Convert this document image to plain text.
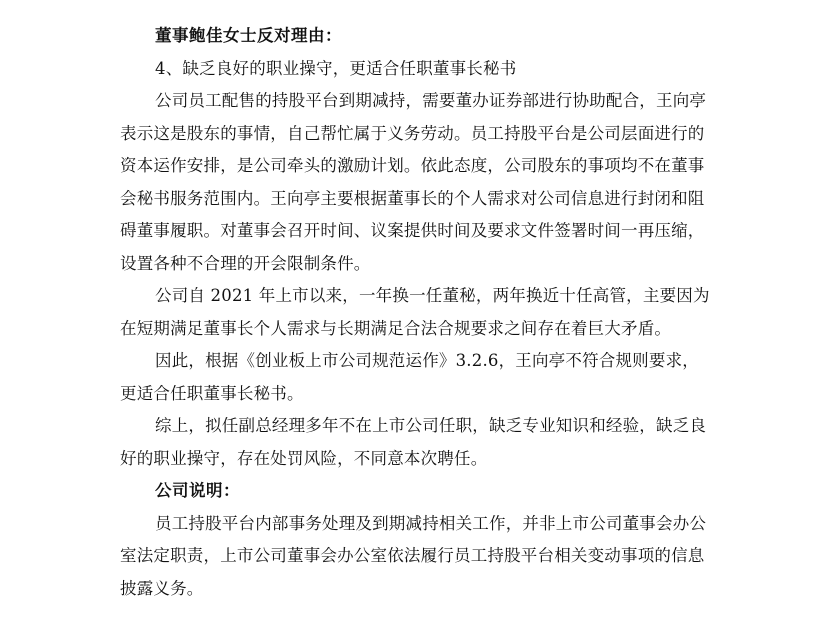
董事鲍佳女士反对理由：
4、缺乏良好的职业操守，更适合任职董事长秘书
公司员工配售的持股平台到期减持，需要董办证券部进行协助配合，王向亭
表示这是股东的事情，自己帮忙属于义务劳动。员工持股平台是公司层面进行的
资本运作安排，是公司牵头的激励计划。依此态度，公司股东的事项均不在董事
会秘书服务范围内。王向亭主要根据董事长的个人需求对公司信息进行封闭和阻
碍董事履职。对董事会召开时间、议案提供时间及要求文件签署时间一再压缩，
设置各种不合理的开会限制条件。
公司自 2021 年上市以来，一年换一任董秘，两年换近十任高管，主要因为
在短期满足董事长个人需求与长期满足合法合规要求之间存在着巨大矛盾。
因此，根据《创业板上市公司规范运作》3.2.6，王向亭不符合规则要求，
更适合任职董事长秘书。
综上，拟任副总经理多年不在上市公司任职，缺乏专业知识和经验，缺乏良
好的职业操守，存在处罚风险，不同意本次聘任。
公司说明：
员工持股平台内部事务处理及到期减持相关工作，并非上市公司董事会办公
室法定职责，上市公司董事会办公室依法履行员工持股平台相关变动事项的信息
披露义务。
